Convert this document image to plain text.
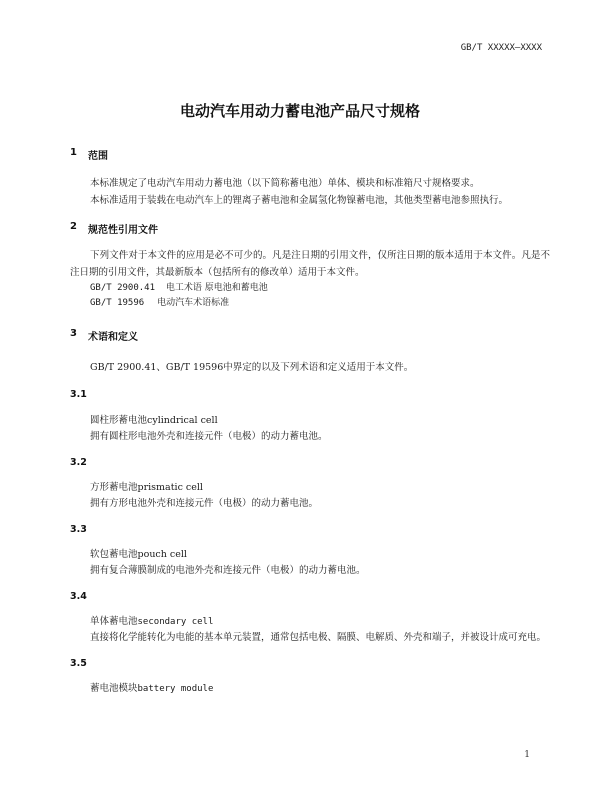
GB/T XXXXX—XXXX
电动汽车用动力蓄电池产品尺寸规格
1 范围

本标准规定了电动汽车用动力蓄电池（以下简称蓄电池）单体、模块和标准箱尺寸规格要求。

本标准适用于装载在电动汽车上的锂离子蓄电池和金属氢化物镍蓄电池，其他类型蓄电池参照执行。

2 规范性引用文件

下列文件对于本文件的应用是必不可少的。凡是注日期的引用文件，仅所注日期的版本适用于本文件。凡是不注日期的引用文件，其最新版本（包括所有的修改单）适用于本文件。

GB/T 2900.41 电工术语 原电池和蓄电池
GB/T 19596 电动汽车术语标准
3 术语和定义

GB/T 2900.41、GB/T 19596中界定的以及下列术语和定义适用于本文件。

3.1
圆柱形蓄电池cylindrical cell
拥有圆柱形电池外壳和连接元件（电极）的动力蓄电池。
3.2
方形蓄电池prismatic cell
拥有方形电池外壳和连接元件（电极）的动力蓄电池。
3.3
软包蓄电池pouch cell
拥有复合薄膜制成的电池外壳和连接元件（电极）的动力蓄电池。
3.4
单体蓄电池secondary cell
直接将化学能转化为电能的基本单元装置，通常包括电极、隔膜、电解质、外壳和端子，并被设计成可充电。
3.5
蓄电池模块battery module
1
